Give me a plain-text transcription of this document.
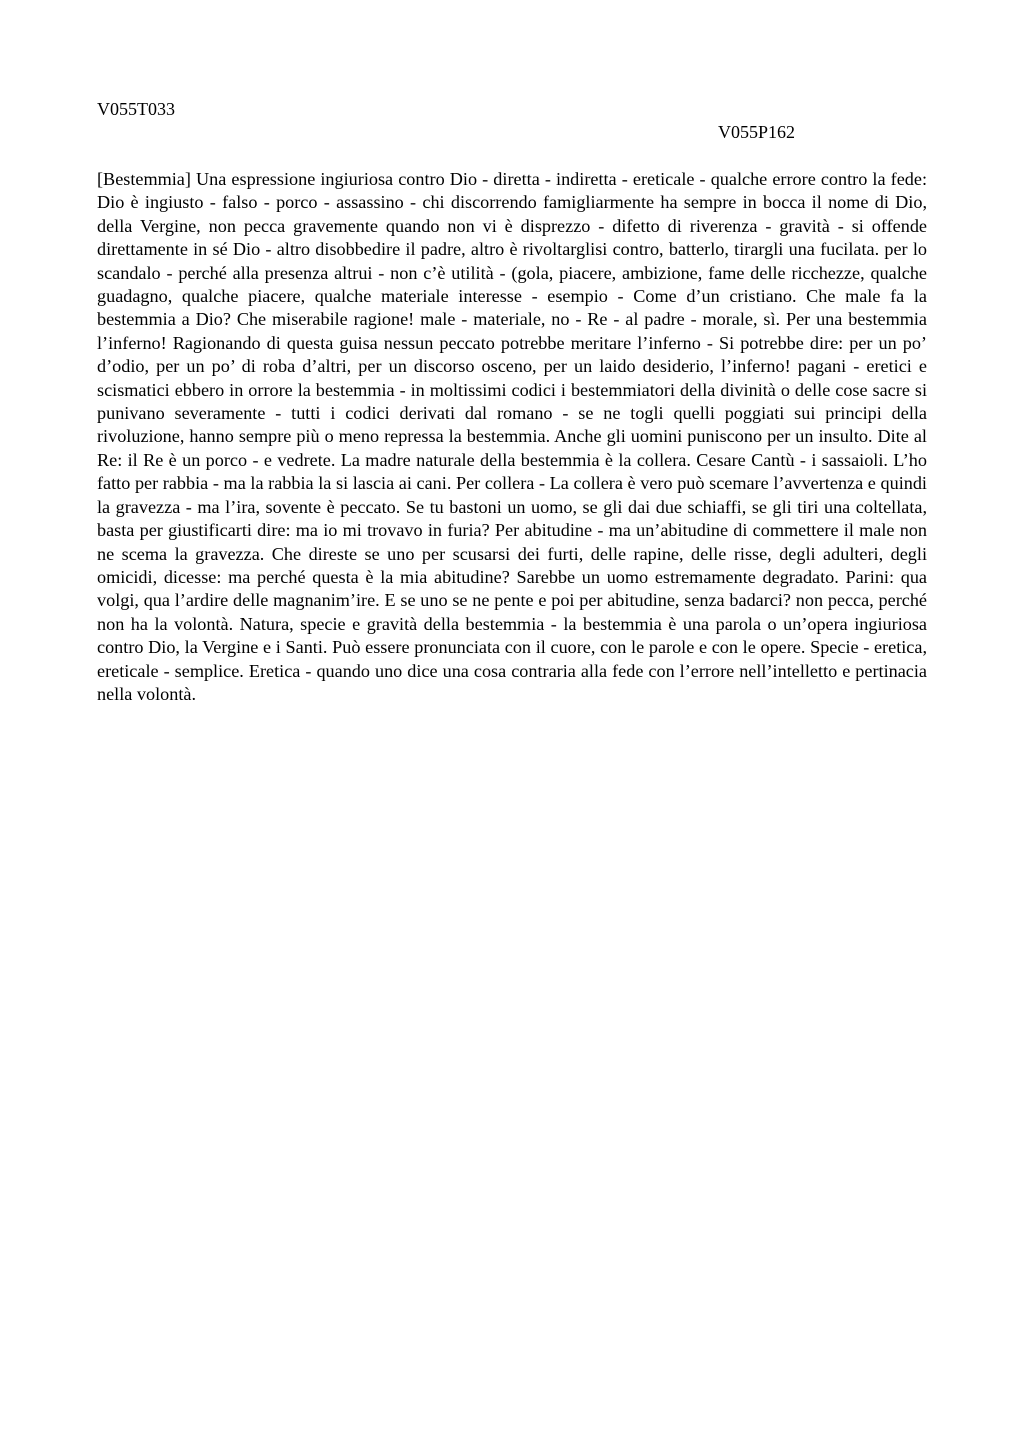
V055T033

V055P162

[Bestemmia] Una espressione ingiuriosa contro Dio - diretta - indiretta - ereticale - qualche errore contro la fede: Dio è ingiusto - falso - porco - assassino - chi discorrendo famigliarmente ha sempre in bocca il nome di Dio, della Vergine, non pecca gravemente quando non vi è disprezzo - difetto di riverenza - gravità - si offende direttamente in sé Dio - altro disobbedire il padre, altro è rivoltarglisi contro, batterlo, tirargli una fucilata. per lo scandalo - perché alla presenza altrui - non c’è utilità - (gola, piacere, ambizione, fame delle ricchezze, qualche guadagno, qualche piacere, qualche materiale interesse - esempio - Come d’un cristiano. Che male fa la bestemmia a Dio? Che miserabile ragione! male - materiale, no - Re - al padre - morale, sì. Per una bestemmia l’inferno! Ragionando di questa guisa nessun peccato potrebbe meritare l’inferno - Si potrebbe dire: per un po’ d’odio, per un po’ di roba d’altri, per un discorso osceno, per un laido desiderio, l’inferno! pagani - eretici e scismatici ebbero in orrore la bestemmia - in moltissimi codici i bestemmiatori della divinità o delle cose sacre si punivano severamente - tutti i codici derivati dal romano - se ne togli quelli poggiati sui principi della rivoluzione, hanno sempre più o meno repressa la bestemmia. Anche gli uomini puniscono per un insulto. Dite al Re: il Re è un porco - e vedrete. La madre naturale della bestemmia è la collera. Cesare Cantù - i sassaioli. L’ho fatto per rabbia - ma la rabbia la si lascia ai cani. Per collera - La collera è vero può scemare l’avvertenza e quindi la gravezza - ma l’ira, sovente è peccato. Se tu bastoni un uomo, se gli dai due schiaffi, se gli tiri una coltellata, basta per giustificarti dire: ma io mi trovavo in furia? Per abitudine - ma un’abitudine di commettere il male non ne scema la gravezza. Che direste se uno per scusarsi dei furti, delle rapine, delle risse, degli adulteri, degli omicidi, dicesse: ma perché questa è la mia abitudine? Sarebbe un uomo estremamente degradato. Parini: qua volgi, qua l’ardire delle magnanim’ire. E se uno se ne pente e poi per abitudine, senza badarci? non pecca, perché non ha la volontà. Natura, specie e gravità della bestemmia - la bestemmia è una parola o un’opera ingiuriosa contro Dio, la Vergine e i Santi. Può essere pronunciata con il cuore, con le parole e con le opere. Specie - eretica, ereticale - semplice. Eretica - quando uno dice una cosa contraria alla fede con l’errore nell’intelletto e pertinacia nella volontà.
